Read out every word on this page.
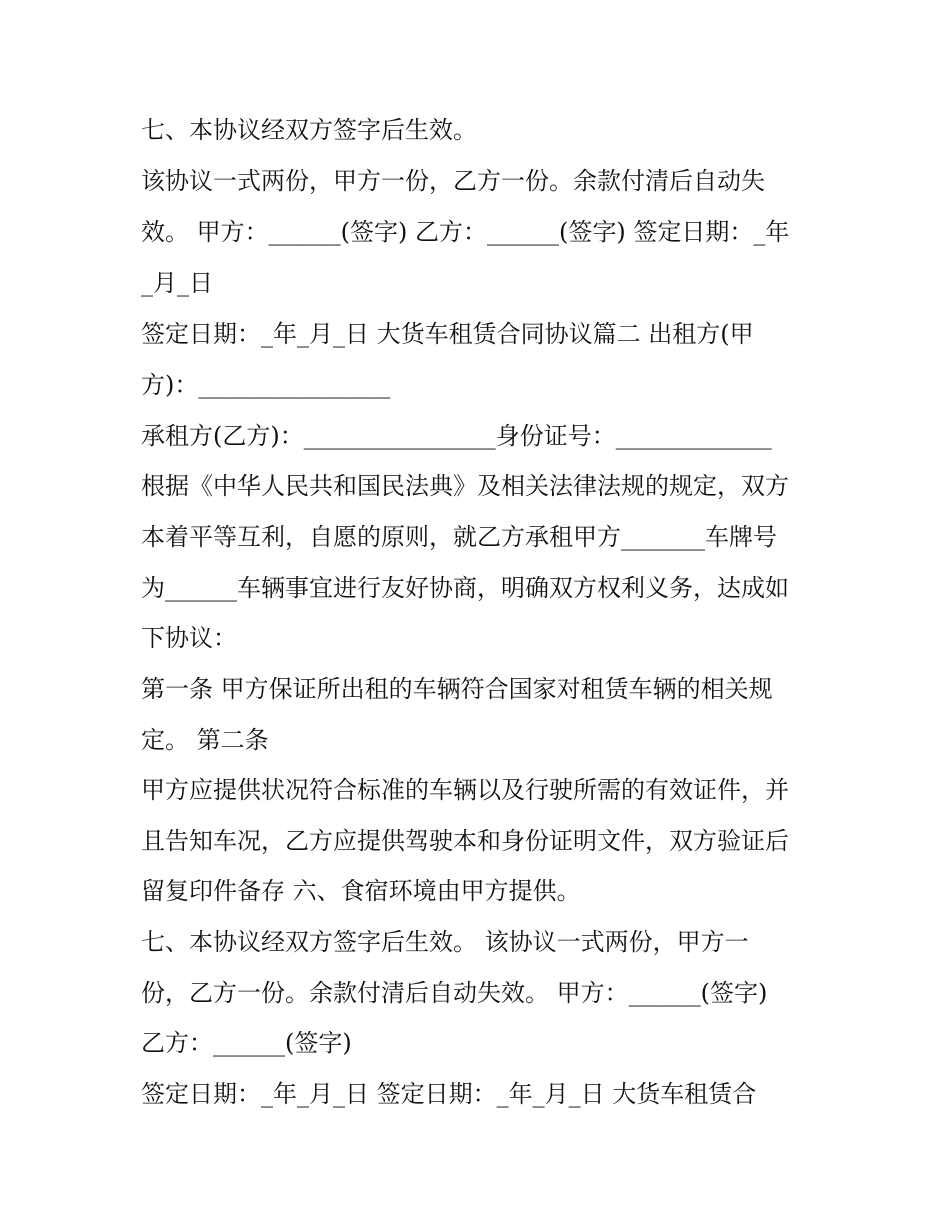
七、本协议经双方签字后生效。
该协议一式两份，甲方一份，乙方一份。余款付清后自动失
效。 甲方：______(签字) 乙方：______(签字) 签定日期：_年
_月_日
签定日期：_年_月_日 大货车租赁合同协议篇二 出租方(甲
方)：________________
承租方(乙方)：________________身份证号：_____________
根据《中华人民共和国民法典》及相关法律法规的规定，双方
本着平等互利，自愿的原则，就乙方承租甲方_______车牌号
为______车辆事宜进行友好协商，明确双方权利义务，达成如
下协议：
第一条 甲方保证所出租的车辆符合国家对租赁车辆的相关规
定。 第二条
甲方应提供状况符合标准的车辆以及行驶所需的有效证件，并
且告知车况，乙方应提供驾驶本和身份证明文件，双方验证后
留复印件备存 六、食宿环境由甲方提供。
七、本协议经双方签字后生效。 该协议一式两份，甲方一
份，乙方一份。余款付清后自动失效。 甲方：______(签字)
乙方：______(签字)
签定日期：_年_月_日 签定日期：_年_月_日 大货车租赁合
